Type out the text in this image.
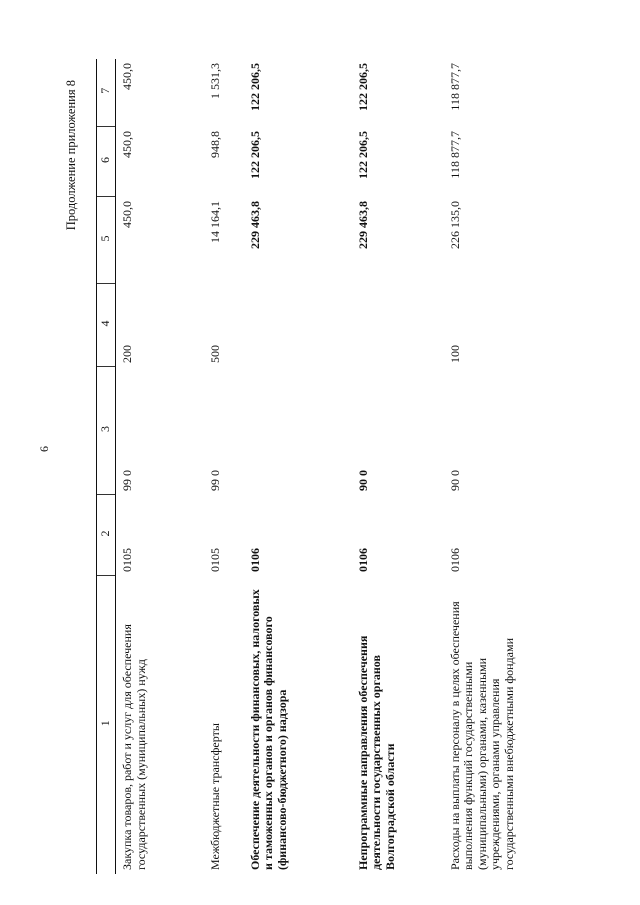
6
Продолжение приложения 8
1	2	3	4	5	6	7
Закупка товаров, работ и услуг для обеспечения государственных (муниципальных) нужд	0105	99 0	200	450,0	450,0	450,0
Межбюджетные трансферты	0105	99 0	500	14 164,1	948,8	1 531,3
Обеспечение деятельности финансовых, налоговых и таможенных органов и органов финансового (финансово-бюджетного) надзора	0106			229 463,8	122 206,5	122 206,5
Непрограммные направления обеспечения деятельности государственных органов Волгоградской области	0106	90 0		229 463,8	122 206,5	122 206,5
Расходы на выплаты персоналу в целях обеспечения выполнения функций государственными (муниципальными) органами, казенными учреждениями, органами управления государственными внебюджетными фондами	0106	90 0	100	226 135,0	118 877,7	118 877,7
